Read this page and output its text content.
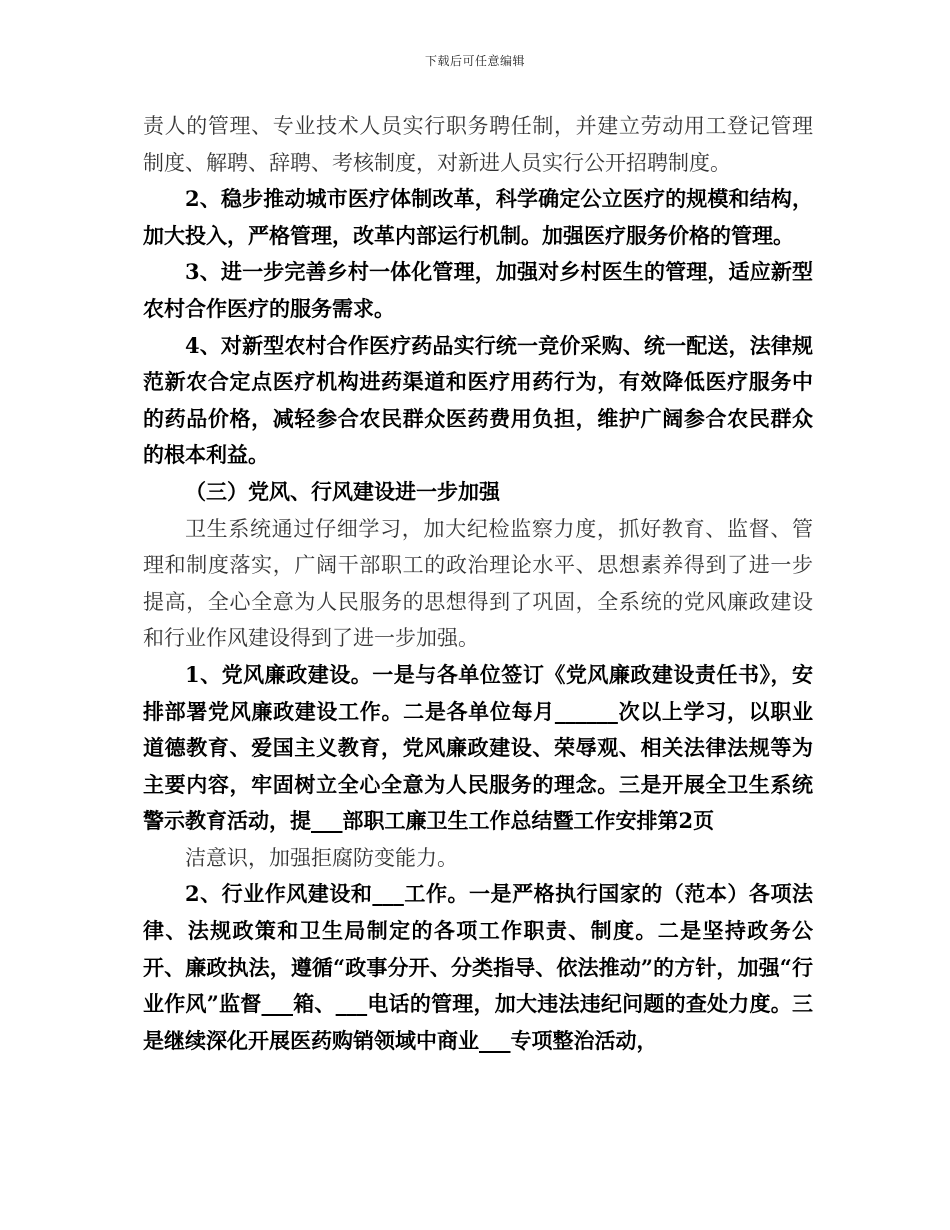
下载后可任意编辑

责人的管理、专业技术人员实行职务聘任制，并建立劳动用工登记管理制度、解聘、辞聘、考核制度，对新进人员实行公开招聘制度。

2、稳步推动城市医疗体制改革，科学确定公立医疗的规模和结构，加大投入，严格管理，改革内部运行机制。加强医疗服务价格的管理。

3、进一步完善乡村一体化管理，加强对乡村医生的管理，适应新型农村合作医疗的服务需求。

4、对新型农村合作医疗药品实行统一竞价采购、统一配送，法律规范新农合定点医疗机构进药渠道和医疗用药行为，有效降低医疗服务中的药品价格，减轻参合农民群众医药费用负担，维护广阔参合农民群众的根本利益。

（三）党风、行风建设进一步加强

卫生系统通过仔细学习，加大纪检监察力度，抓好教育、监督、管理和制度落实，广阔干部职工的政治理论水平、思想素养得到了进一步提高，全心全意为人民服务的思想得到了巩固，全系统的党风廉政建设和行业作风建设得到了进一步加强。

1、党风廉政建设。一是与各单位签订《党风廉政建设责任书》，安排部署党风廉政建设工作。二是各单位每月______次以上学习，以职业道德教育、爱国主义教育，党风廉政建设、荣辱观、相关法律法规等为主要内容，牢固树立全心全意为人民服务的理念。三是开展全卫生系统警示教育活动，提___部职工廉卫生工作总结暨工作安排第2页

洁意识，加强拒腐防变能力。

2、行业作风建设和___工作。一是严格执行国家的（范本）各项法律、法规政策和卫生局制定的各项工作职责、制度。二是坚持政务公开、廉政执法，遵循“政事分开、分类指导、依法推动”的方针，加强“行业作风”监督___箱、___电话的管理，加大违法违纪问题的查处力度。三是继续深化开展医药购销领域中商业___专项整治活动，
